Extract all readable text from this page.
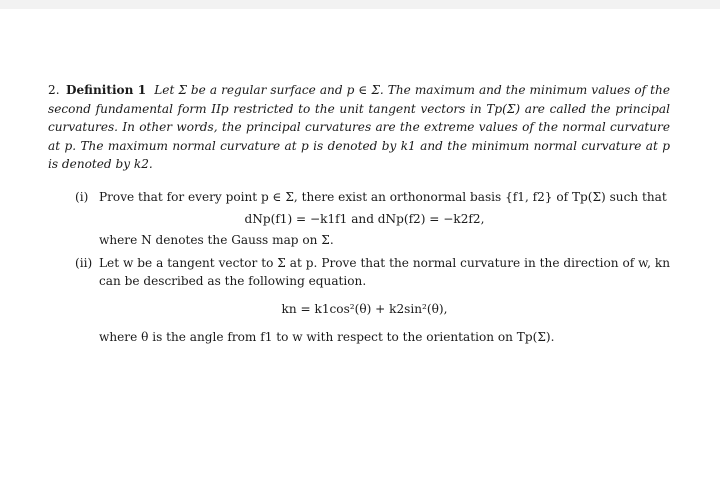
2. Definition 1 Let Σ be a regular surface and p ∈ Σ. The maximum and the minimum values of the second fundamental form IIp restricted to the unit tangent vectors in Tp(Σ) are called the principal curvatures. In other words, the principal curvatures are the extreme values of the normal curvature at p. The maximum normal curvature at p is denoted by k1 and the minimum normal curvature at p is denoted by k2.
(i) Prove that for every point p ∈ Σ, there exist an orthonormal basis {f1, f2} of Tp(Σ) such that
dNp(f1) = −k1f1 and dNp(f2) = −k2f2,
where N denotes the Gauss map on Σ.
(ii) Let w be a tangent vector to Σ at p. Prove that the normal curvature in the direction of w, kn can be described as the following equation.
kn = k1cos²(θ) + k2sin²(θ),
where θ is the angle from f1 to w with respect to the orientation on Tp(Σ).
